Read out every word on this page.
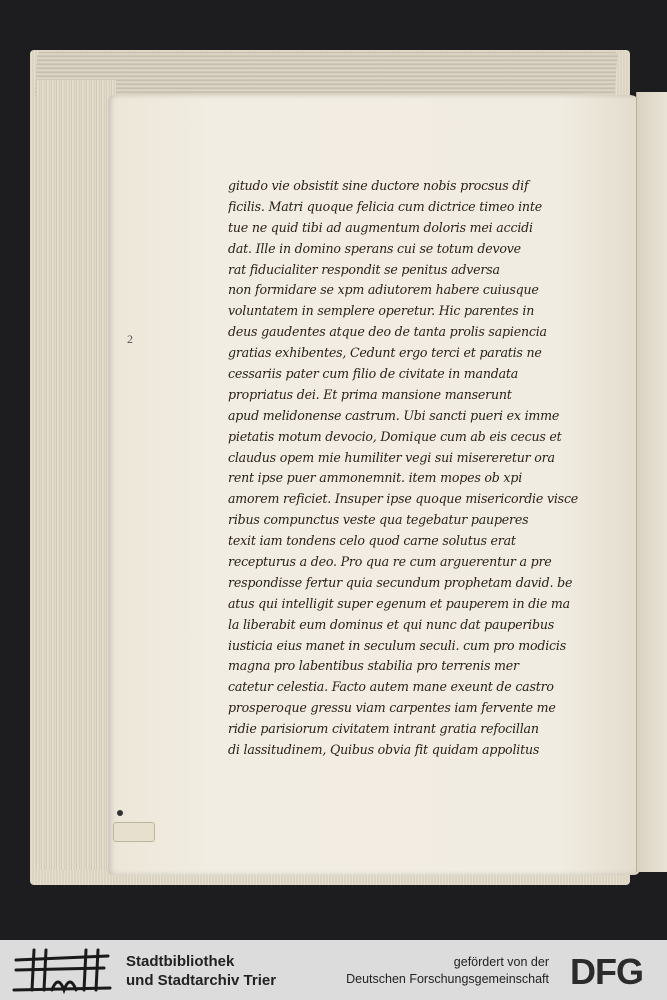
2
gitudo vie obsistit sine ductore nobis procsus dif
ficilis. Matri quoque felicia cum dictrice timeo inte
tue ne quid tibi ad augmentum doloris mei accidi
dat. Ille in domino sperans cui se totum devove
rat fiducialiter respondit se penitus adversa
non formidare se xpm adiutorem habere cuiusque
voluntatem in semplere operetur. Hic parentes in
deus gaudentes atque deo de tanta prolis sapiencia
gratias exhibentes, Cedunt ergo terci et paratis ne
cessariis pater cum filio de civitate in mandata
propriatus dei. Et prima mansione manserunt
apud melidonense castrum. Ubi sancti pueri ex imme
pietatis motum devocio, Domique cum ab eis cecus et
claudus opem mie humiliter vegi sui misereretur ora
rent ipse puer ammonemnit. item mopes ob xpi
amorem reficiet. Insuper ipse quoque misericordie visce
ribus compunctus veste qua tegebatur pauperes
texit iam tondens celo quod carne solutus erat
recepturus a deo. Pro qua re cum arguerentur a pre
respondisse fertur quia secundum prophetam david. be
atus qui intelligit super egenum et pauperem in die ma
la liberabit eum dominus et qui nunc dat pauperibus
iusticia eius manet in seculum seculi. cum pro modicis
magna pro labentibus stabilia pro terrenis mer
catetur celestia. Facto autem mane exeunt de castro
prosperoque gressu viam carpentes iam fervente me
ridie parisiorum civitatem intrant gratia refocillan
di lassitudinem, Quibus obvia fit quidam appolitus
Stadtbibliothek
und Stadtarchiv Trier
gefördert von der
Deutschen Forschungsgemeinschaft DFG
